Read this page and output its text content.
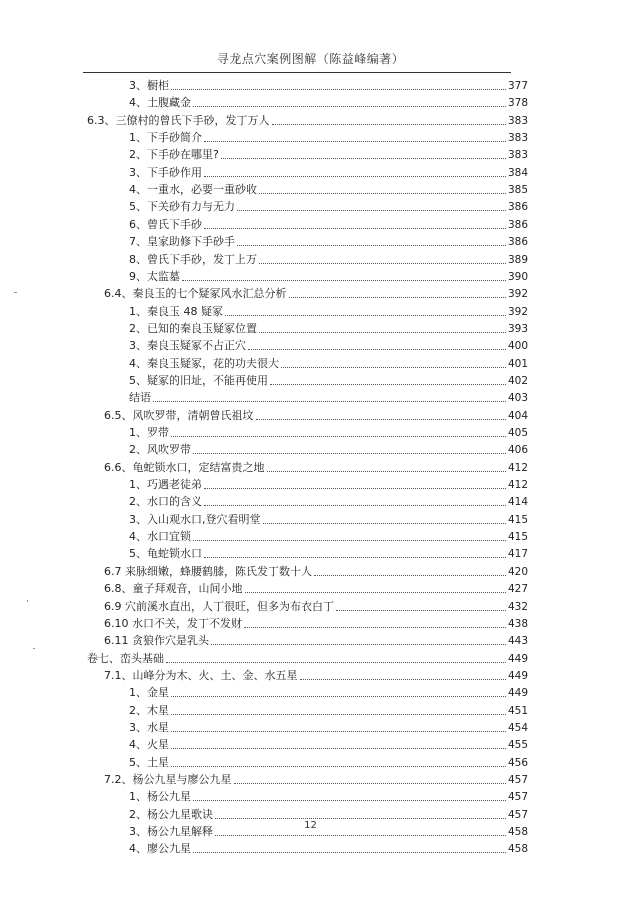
寻龙点穴案例图解（陈益峰编著）
3、橱柜	377
4、土腹藏金	378
6.3、三僚村的曾氏下手砂，发丁万人	383
1、下手砂简介	383
2、下手砂在哪里?	383
3、下手砂作用	384
4、一重水，必要一重砂收	385
5、下关砂有力与无力	386
6、曾氏下手砂	386
7、皇家助修下手砂手	386
8、曾氏下手砂，发丁上万	389
9、太监墓	390
6.4、秦良玉的七个疑冢风水汇总分析	392
1、秦良玉 48 疑冢	392
2、已知的秦良玉疑冢位置	393
3、秦良玉疑冢不占正穴	400
4、秦良玉疑冢，花的功夫很大	401
5、疑冢的旧址，不能再使用	402
结语	403
6.5、风吹罗带，清朝曾氏祖坟	404
1、罗带	405
2、风吹罗带	406
6.6、龟蛇锁水口，定结富贵之地	412
1、巧遇老徒弟	412
2、水口的含义	414
3、入山观水口,登穴看明堂	415
4、水口宜锁	415
5、龟蛇锁水口	417
6.7 来脉细嫩，蜂腰鹤膝，陈氏发丁数十人	420
6.8、童子拜观音，山间小地	427
6.9 穴前溪水直出，人丁很旺，但多为布衣白丁	432
6.10 水口不关，发丁不发财	438
6.11 贪狼作穴是乳头	443
卷七、峦头基础	449
7.1、山峰分为木、火、土、金、水五星	449
1、金星	449
2、木星	451
3、水星	454
4、火星	455
5、土星	456
7.2、杨公九星与廖公九星	457
1、杨公九星	457
2、杨公九星歌诀	457
3、杨公九星解释	458
4、廖公九星	458
12
